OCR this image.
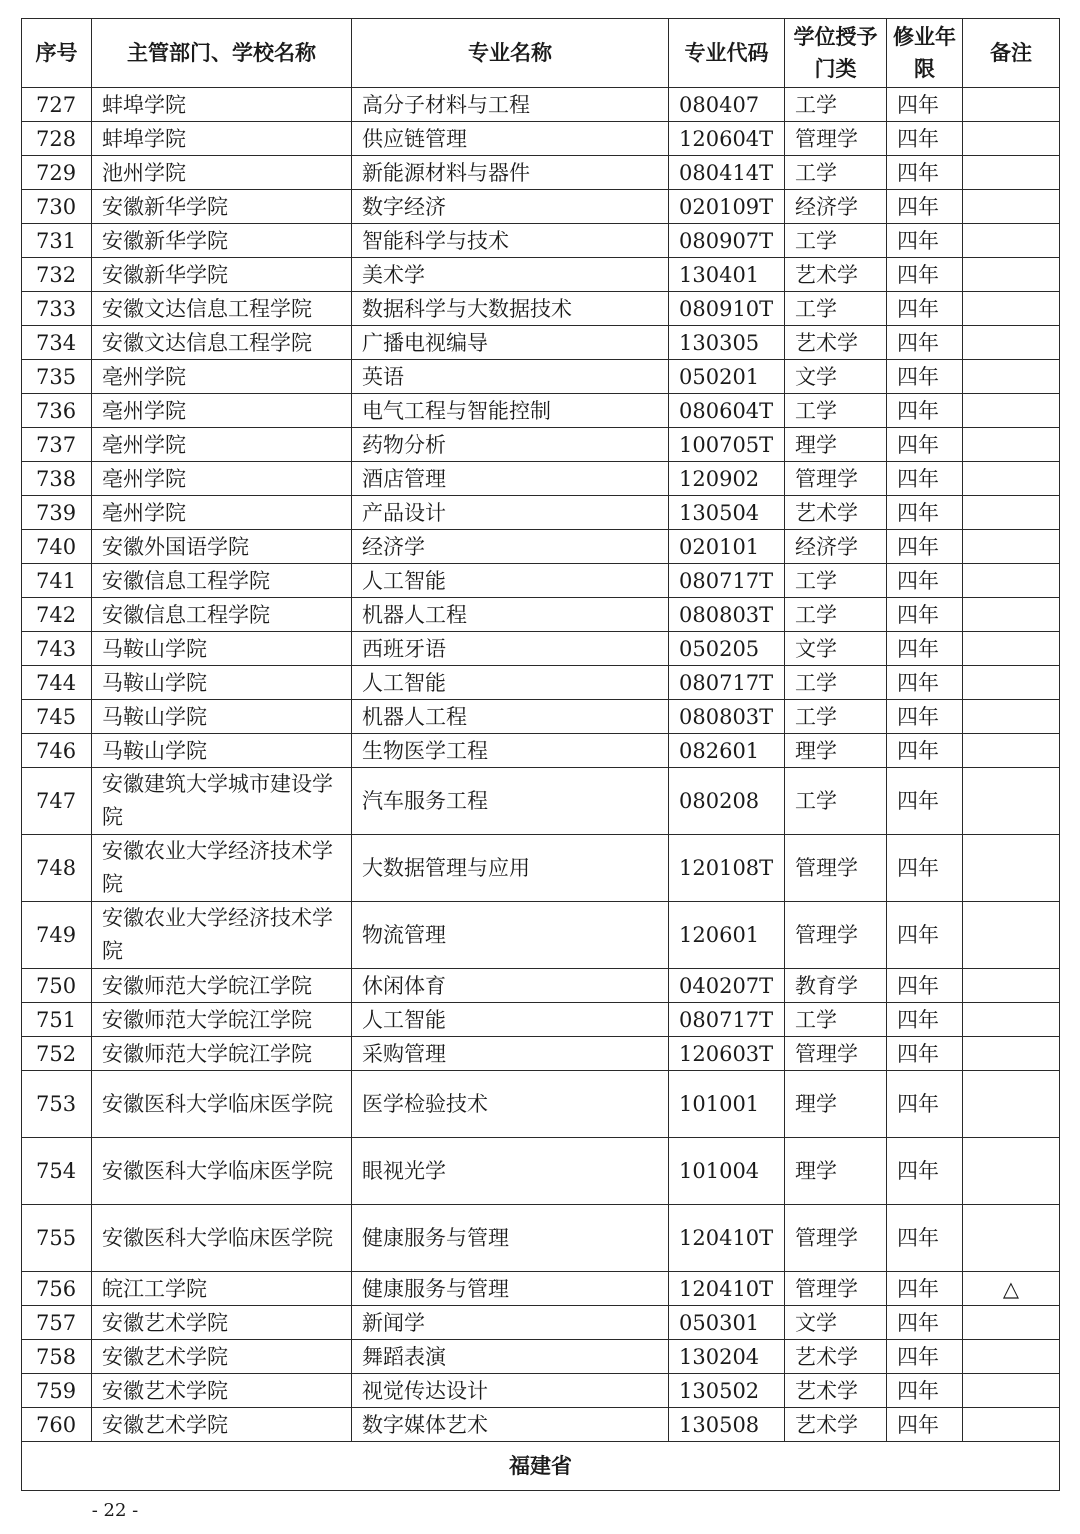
序号	主管部门、学校名称	专业名称	专业代码	学位授予门类	修业年限	备注
727	蚌埠学院	高分子材料与工程	080407	工学	四年	
728	蚌埠学院	供应链管理	120604T	管理学	四年	
729	池州学院	新能源材料与器件	080414T	工学	四年	
730	安徽新华学院	数字经济	020109T	经济学	四年	
731	安徽新华学院	智能科学与技术	080907T	工学	四年	
732	安徽新华学院	美术学	130401	艺术学	四年	
733	安徽文达信息工程学院	数据科学与大数据技术	080910T	工学	四年	
734	安徽文达信息工程学院	广播电视编导	130305	艺术学	四年	
735	亳州学院	英语	050201	文学	四年	
736	亳州学院	电气工程与智能控制	080604T	工学	四年	
737	亳州学院	药物分析	100705T	理学	四年	
738	亳州学院	酒店管理	120902	管理学	四年	
739	亳州学院	产品设计	130504	艺术学	四年	
740	安徽外国语学院	经济学	020101	经济学	四年	
741	安徽信息工程学院	人工智能	080717T	工学	四年	
742	安徽信息工程学院	机器人工程	080803T	工学	四年	
743	马鞍山学院	西班牙语	050205	文学	四年	
744	马鞍山学院	人工智能	080717T	工学	四年	
745	马鞍山学院	机器人工程	080803T	工学	四年	
746	马鞍山学院	生物医学工程	082601	理学	四年	
747	安徽建筑大学城市建设学院	汽车服务工程	080208	工学	四年	
748	安徽农业大学经济技术学院	大数据管理与应用	120108T	管理学	四年	
749	安徽农业大学经济技术学院	物流管理	120601	管理学	四年	
750	安徽师范大学皖江学院	休闲体育	040207T	教育学	四年	
751	安徽师范大学皖江学院	人工智能	080717T	工学	四年	
752	安徽师范大学皖江学院	采购管理	120603T	管理学	四年	
753	安徽医科大学临床医学院	医学检验技术	101001	理学	四年	
754	安徽医科大学临床医学院	眼视光学	101004	理学	四年	
755	安徽医科大学临床医学院	健康服务与管理	120410T	管理学	四年	
756	皖江工学院	健康服务与管理	120410T	管理学	四年	△
757	安徽艺术学院	新闻学	050301	文学	四年	
758	安徽艺术学院	舞蹈表演	130204	艺术学	四年	
759	安徽艺术学院	视觉传达设计	130502	艺术学	四年	
760	安徽艺术学院	数字媒体艺术	130508	艺术学	四年	
福建省						
- 22 -
